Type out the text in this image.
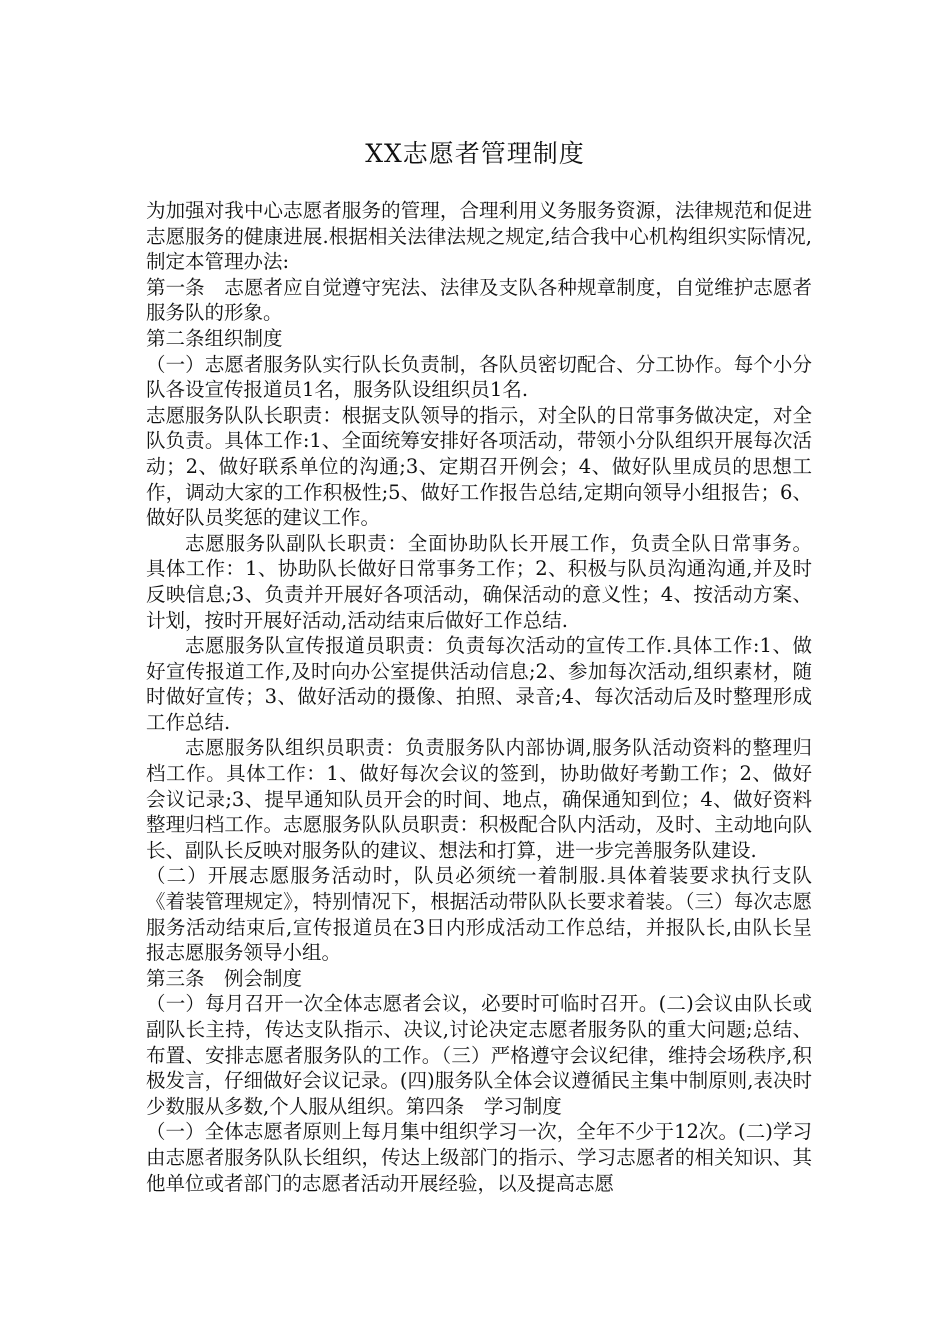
XX志愿者管理制度

为加强对我中心志愿者服务的管理，合理利用义务服务资源，法律规范和促进志愿服务的健康进展.根据相关法律法规之规定,结合我中心机构组织实际情况,制定本管理办法:

第一条　志愿者应自觉遵守宪法、法律及支队各种规章制度，自觉维护志愿者服务队的形象。

第二条组织制度

（一）志愿者服务队实行队长负责制，各队员密切配合、分工协作。每个小分队各设宣传报道员1名，服务队设组织员1名.

志愿服务队队长职责：根据支队领导的指示，对全队的日常事务做决定，对全队负责。具体工作:1、全面统筹安排好各项活动，带领小分队组织开展每次活动；2、做好联系单位的沟通;3、定期召开例会；4、做好队里成员的思想工作，调动大家的工作积极性;5、做好工作报告总结,定期向领导小组报告；6、做好队员奖惩的建议工作。

志愿服务队副队长职责：全面协助队长开展工作，负责全队日常事务。 具体工作：1、协助队长做好日常事务工作；2、积极与队员沟通沟通,并及时反映信息;3、负责并开展好各项活动，确保活动的意义性；4、按活动方案、计划，按时开展好活动,活动结束后做好工作总结.

志愿服务队宣传报道员职责：负责每次活动的宣传工作.具体工作:1、做好宣传报道工作,及时向办公室提供活动信息;2、参加每次活动,组织素材，随时做好宣传；3、做好活动的摄像、拍照、录音;4、每次活动后及时整理形成工作总结.

志愿服务队组织员职责：负责服务队内部协调,服务队活动资料的整理归档工作。具体工作：1、做好每次会议的签到，协助做好考勤工作；2、做好会议记录;3、提早通知队员开会的时间、地点，确保通知到位；4、做好资料整理归档工作。志愿服务队队员职责：积极配合队内活动，及时、主动地向队长、副队长反映对服务队的建议、想法和打算，进一步完善服务队建设.

（二）开展志愿服务活动时，队员必须统一着制服.具体着装要求执行支队《着装管理规定》，特别情况下，根据活动带队队长要求着装。（三）每次志愿服务活动结束后,宣传报道员在3日内形成活动工作总结，并报队长,由队长呈报志愿服务领导小组。

第三条　例会制度

（一）每月召开一次全体志愿者会议，必要时可临时召开。(二)会议由队长或副队长主持，传达支队指示、决议,讨论决定志愿者服务队的重大问题;总结、布置、安排志愿者服务队的工作。（三）严格遵守会议纪律，维持会场秩序,积极发言，仔细做好会议记录。(四)服务队全体会议遵循民主集中制原则,表决时少数服从多数,个人服从组织。第四条　学习制度

（一）全体志愿者原则上每月集中组织学习一次，全年不少于12次。(二)学习由志愿者服务队队长组织，传达上级部门的指示、学习志愿者的相关知识、其他单位或者部门的志愿者活动开展经验，以及提高志愿
